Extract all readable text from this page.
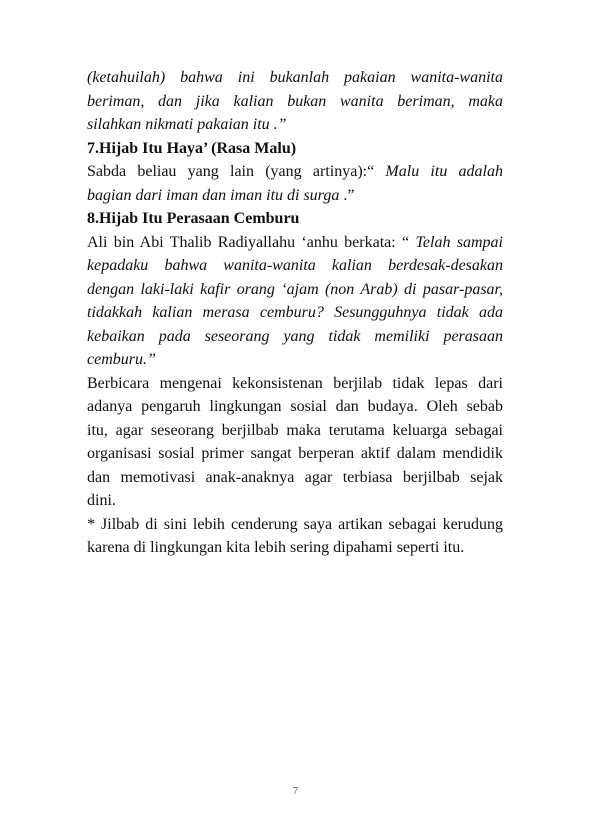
(ketahuilah) bahwa ini bukanlah pakaian wanita-wanita
beriman, dan jika kalian bukan wanita beriman, maka
silahkan nikmati pakaian itu .”
7.Hijab Itu Haya’ (Rasa Malu)
Sabda beliau yang lain (yang artinya):“ Malu itu adalah
bagian dari iman dan iman itu di surga .”
8.Hijab Itu Perasaan Cemburu
Ali bin Abi Thalib Radiyallahu ‘anhu berkata: “ Telah sampai
kepadaku bahwa wanita-wanita kalian berdesak-desakan
dengan laki-laki kafir orang ‘ajam (non Arab) di pasar-pasar,
tidakkah kalian merasa cemburu? Sesungguhnya tidak ada
kebaikan pada seseorang yang tidak memiliki perasaan
cemburu.”
Berbicara mengenai kekonsistenan berjilab tidak lepas dari
adanya pengaruh lingkungan sosial dan budaya. Oleh sebab
itu, agar seseorang berjilbab maka terutama keluarga sebagai
organisasi sosial primer sangat berperan aktif dalam mendidik
dan memotivasi anak-anaknya agar terbiasa berjilbab sejak
dini.
* Jilbab di sini lebih cenderung saya artikan sebagai kerudung
karena di lingkungan kita lebih sering dipahami seperti itu.
7
